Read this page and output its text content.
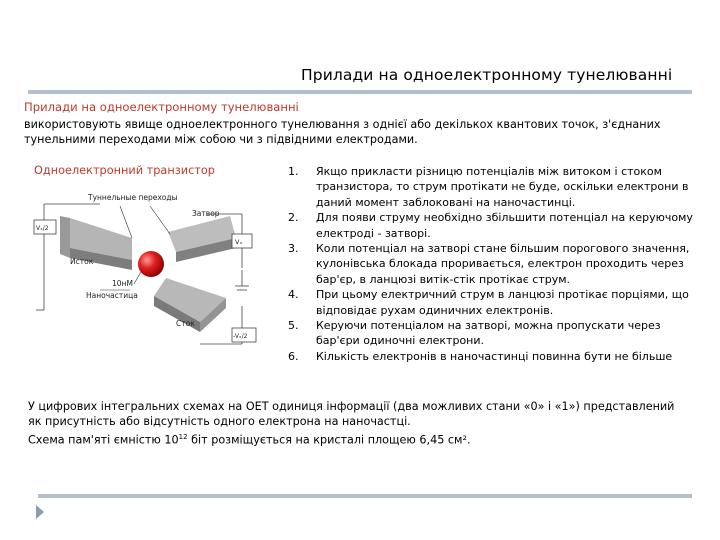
Прилади на одноелектронному тунелюванні
Прилади на одноелектронному тунелюванні
використовують явище одноелектронного тунелювання з однієї або декількох квантових точок, з'єднаних тунельними переходами між собою чи з підвідними електродами.
Одноелектронний транзистор
Туннельные переходы
Затвор
Исток
10нМ
Наночастица
Сток
Vₓ/2
Vₓ
-Vₓ/2
1. Якщо прикласти різницю потенціалів між витоком і стоком транзистора, то струм протікати не буде, оскільки електрони в даний момент заблоковані на наночастинці.
2. Для появи струму необхідно збільшити потенціал на керуючому електроді - затворі.
3. Коли потенціал на затворі стане більшим порогового значення, кулонівська блокада проривається, електрон проходить через бар'єр, в ланцюзі витік-стік протікає струм.
4. При цьому електричний струм в ланцюзі протікає порціями, що відповідає рухам одиничних електронів.
5. Керуючи потенціалом на затворі, можна пропускати через бар'єри одиночні електрони.
6. Кількість електронів в наночастинці повинна бути не більше

У цифрових інтегральних схемах на ОЕТ одиниця інформації (два можливих стани «0» і «1») представлений як присутність або відсутність одного електрона на наночастці.

Схема пам'яті ємністю $10^{12}$ біт розміщується на кристалі площею 6,45 см².
